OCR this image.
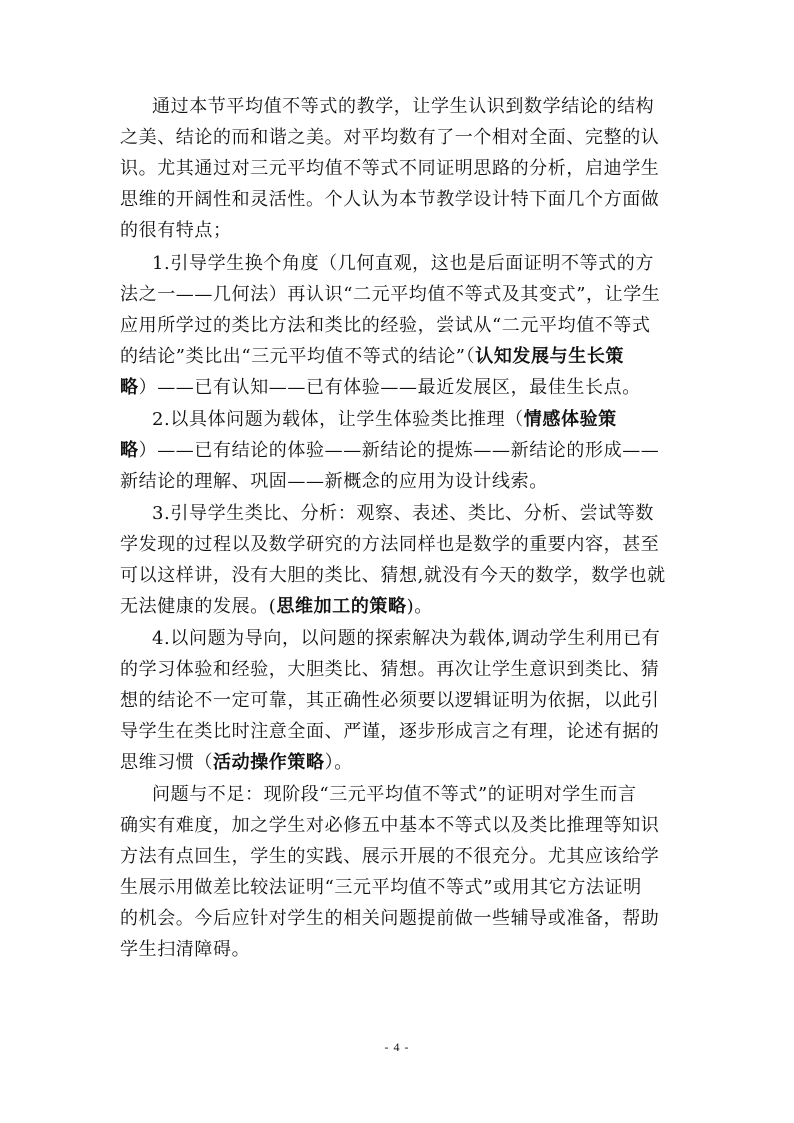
通过本节平均值不等式的教学，让学生认识到数学结论的结构
之美、结论的而和谐之美。对平均数有了一个相对全面、完整的认
识。尤其通过对三元平均值不等式不同证明思路的分析，启迪学生
思维的开阔性和灵活性。个人认为本节教学设计特下面几个方面做
的很有特点；
1.引导学生换个角度（几何直观，这也是后面证明不等式的方
法之一——几何法）再认识“二元平均值不等式及其变式”，让学生
应用所学过的类比方法和类比的经验，尝试从“二元平均值不等式
的结论”类比出“三元平均值不等式的结论”（认知发展与生长策
略）——已有认知——已有体验——最近发展区，最佳生长点。
2.以具体问题为载体，让学生体验类比推理（情感体验策
略）——已有结论的体验——新结论的提炼——新结论的形成——
新结论的理解、巩固——新概念的应用为设计线索。
3.引导学生类比、分析：观察、表述、类比、分析、尝试等数
学发现的过程以及数学研究的方法同样也是数学的重要内容，甚至
可以这样讲，没有大胆的类比、猜想,就没有今天的数学，数学也就
无法健康的发展。(思维加工的策略)。
4.以问题为导向，以问题的探索解决为载体,调动学生利用已有
的学习体验和经验，大胆类比、猜想。再次让学生意识到类比、猜
想的结论不一定可靠，其正确性必须要以逻辑证明为依据，以此引
导学生在类比时注意全面、严谨，逐步形成言之有理，论述有据的
思维习惯（活动操作策略）。
问题与不足：现阶段“三元平均值不等式”的证明对学生而言
确实有难度，加之学生对必修五中基本不等式以及类比推理等知识
方法有点回生，学生的实践、展示开展的不很充分。尤其应该给学
生展示用做差比较法证明“三元平均值不等式”或用其它方法证明
的机会。今后应针对学生的相关问题提前做一些辅导或准备，帮助
学生扫清障碍。
- 4 -
